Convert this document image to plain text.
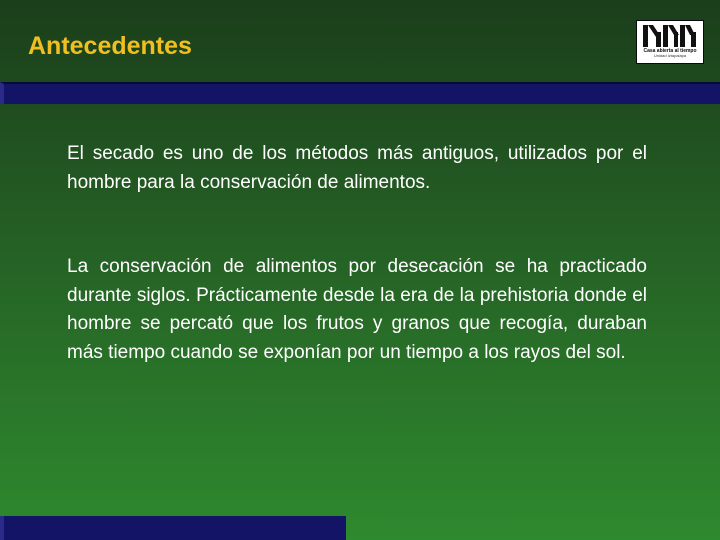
Antecedentes	Casa abierta al tiempo
Unidad Iztapalapa

El secado es uno de los métodos más antiguos, utilizados por el hombre para la conservación de alimentos.

La conservación de alimentos por desecación se ha practicado durante siglos. Prácticamente desde la era de la prehistoria donde el hombre se percató que los frutos y granos que recogía, duraban más tiempo cuando se exponían por un tiempo a los rayos del sol.
